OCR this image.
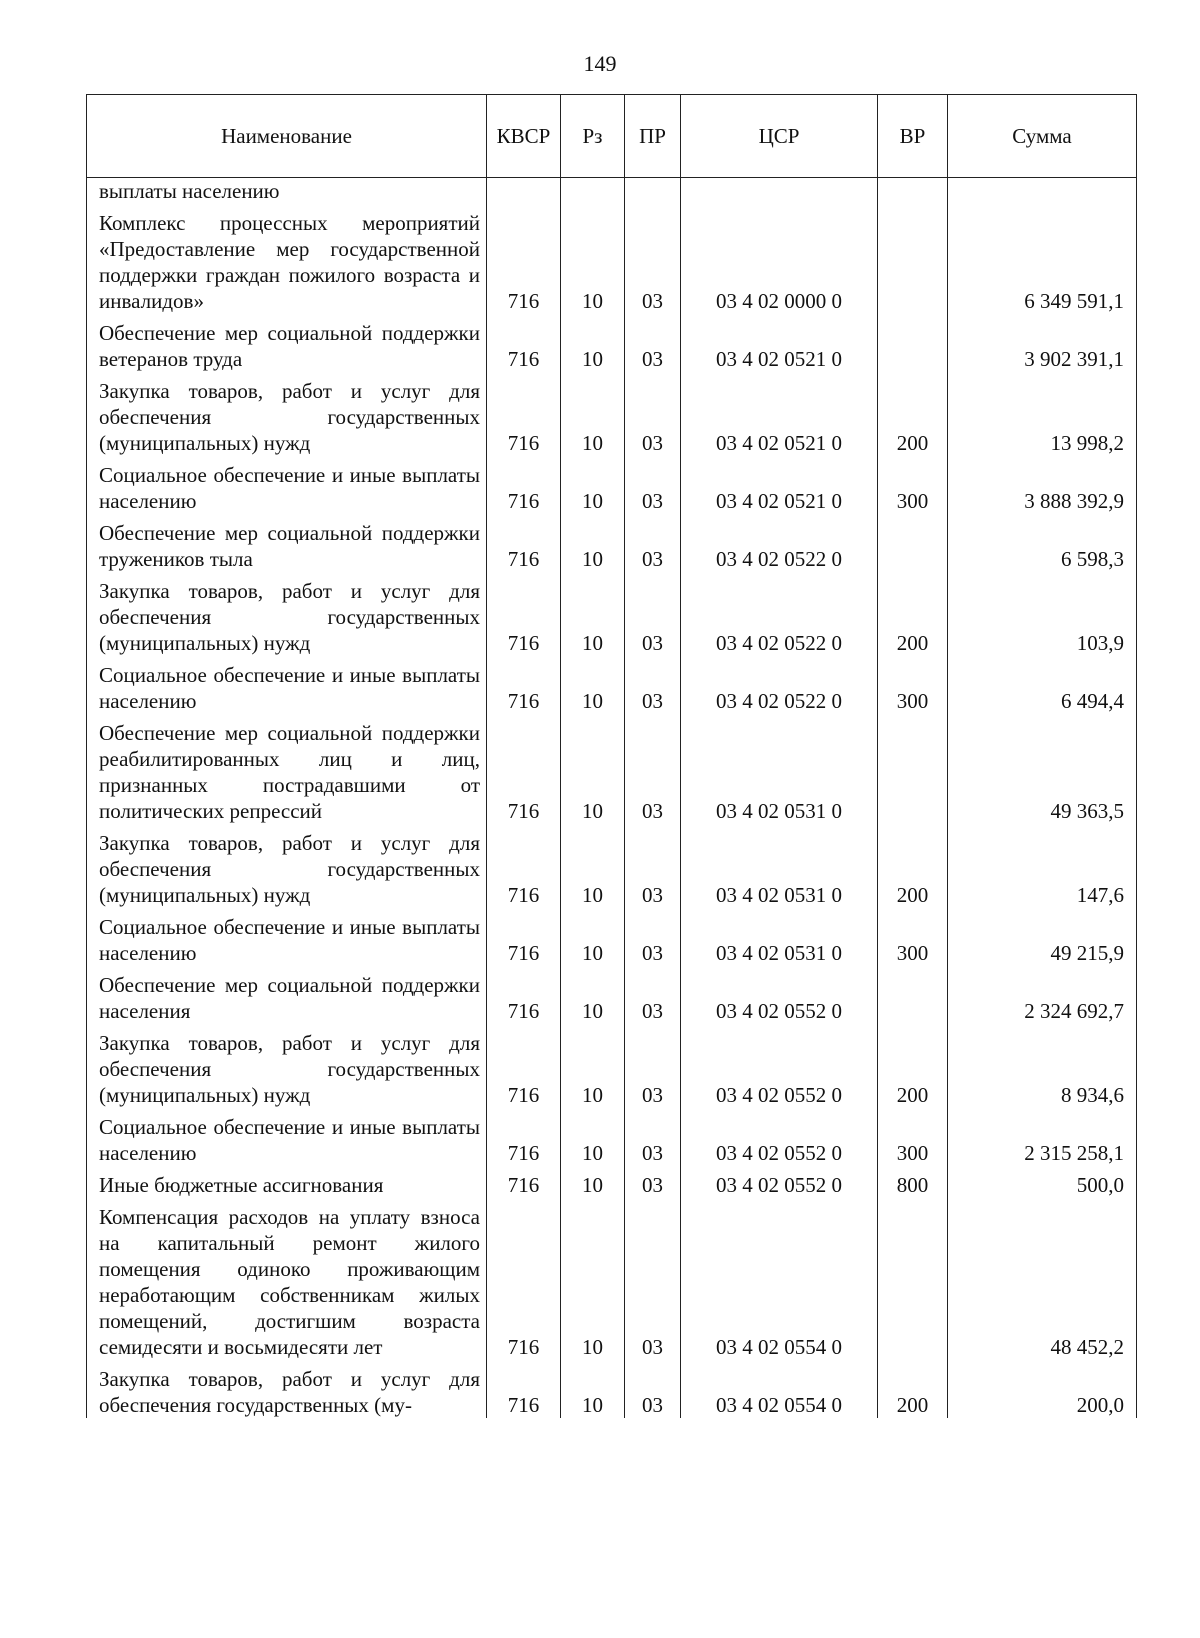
149
Наименование	КВСР	Рз	ПР	ЦСР	ВР	Сумма
выплаты населению						
Комплекс процессных мероприятий «Предоставление мер государственной поддержки граждан пожилого возраста и инвалидов»	716	10	03	03 4 02 0000 0		6 349 591,1
Обеспечение мер социальной поддержки ветеранов труда	716	10	03	03 4 02 0521 0		3 902 391,1
Закупка товаров, работ и услуг для обеспечения государственных (муниципальных) нужд	716	10	03	03 4 02 0521 0	200	13 998,2
Социальное обеспечение и иные выплаты населению	716	10	03	03 4 02 0521 0	300	3 888 392,9
Обеспечение мер социальной поддержки тружеников тыла	716	10	03	03 4 02 0522 0		6 598,3
Закупка товаров, работ и услуг для обеспечения государственных (муниципальных) нужд	716	10	03	03 4 02 0522 0	200	103,9
Социальное обеспечение и иные выплаты населению	716	10	03	03 4 02 0522 0	300	6 494,4
Обеспечение мер социальной поддержки реабилитированных лиц и лиц, признанных пострадавшими от политических репрессий	716	10	03	03 4 02 0531 0		49 363,5
Закупка товаров, работ и услуг для обеспечения государственных (муниципальных) нужд	716	10	03	03 4 02 0531 0	200	147,6
Социальное обеспечение и иные выплаты населению	716	10	03	03 4 02 0531 0	300	49 215,9
Обеспечение мер социальной поддержки населения	716	10	03	03 4 02 0552 0		2 324 692,7
Закупка товаров, работ и услуг для обеспечения государственных (муниципальных) нужд	716	10	03	03 4 02 0552 0	200	8 934,6
Социальное обеспечение и иные выплаты населению	716	10	03	03 4 02 0552 0	300	2 315 258,1
Иные бюджетные ассигнования	716	10	03	03 4 02 0552 0	800	500,0
Компенсация расходов на уплату взноса на капитальный ремонт жилого помещения одиноко проживающим неработающим собственникам жилых помещений, достигшим возраста семидесяти и восьмидесяти лет	716	10	03	03 4 02 0554 0		48 452,2
Закупка товаров, работ и услуг для обеспечения государственных (му-	716	10	03	03 4 02 0554 0	200	200,0
